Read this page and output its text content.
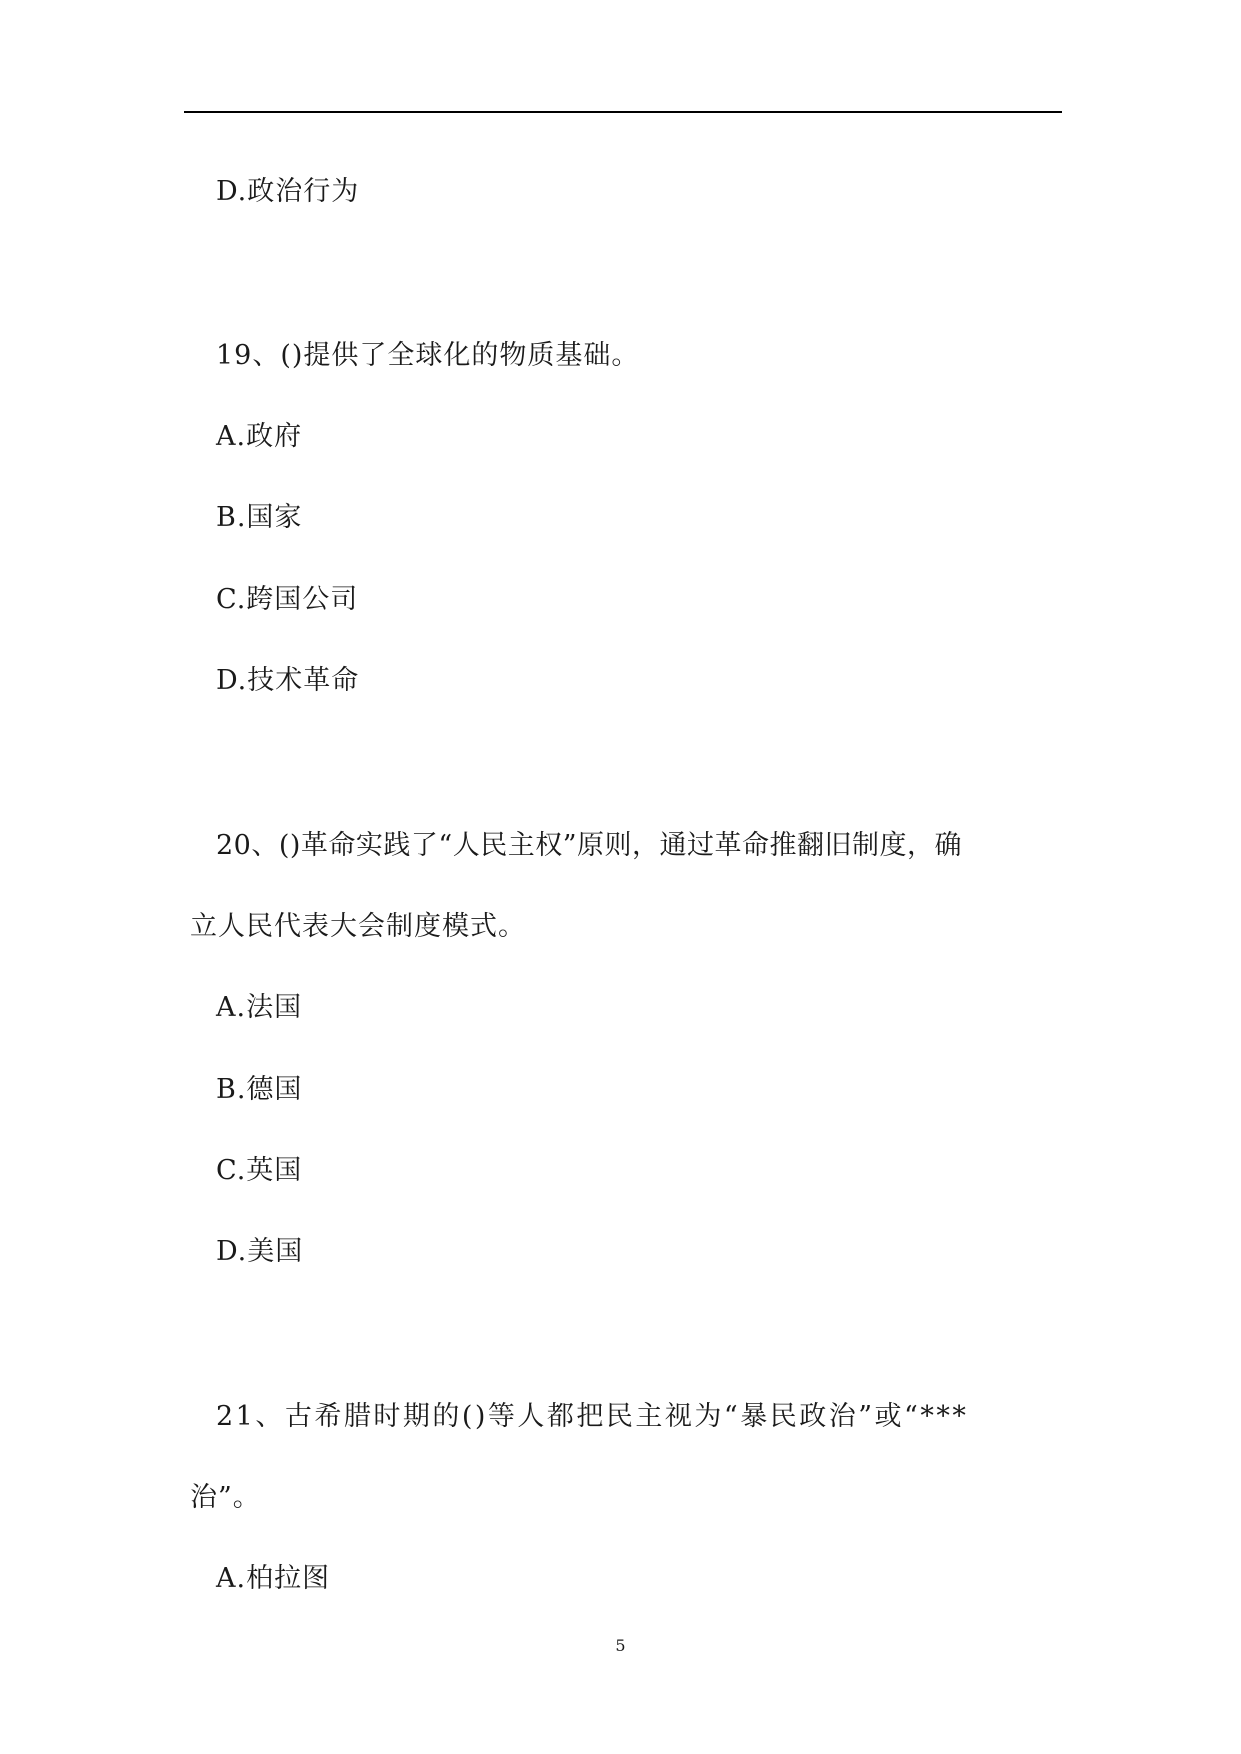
D.政治行为
19、()提供了全球化的物质基础。
A.政府
B.国家
C.跨国公司
D.技术革命
20、()革命实践了“人民主权”原则，通过革命推翻旧制度，确
立人民代表大会制度模式。
A.法国
B.德国
C.英国
D.美国
21、古希腊时期的()等人都把民主视为“暴民政治”或“***
治”。
A.柏拉图
5
